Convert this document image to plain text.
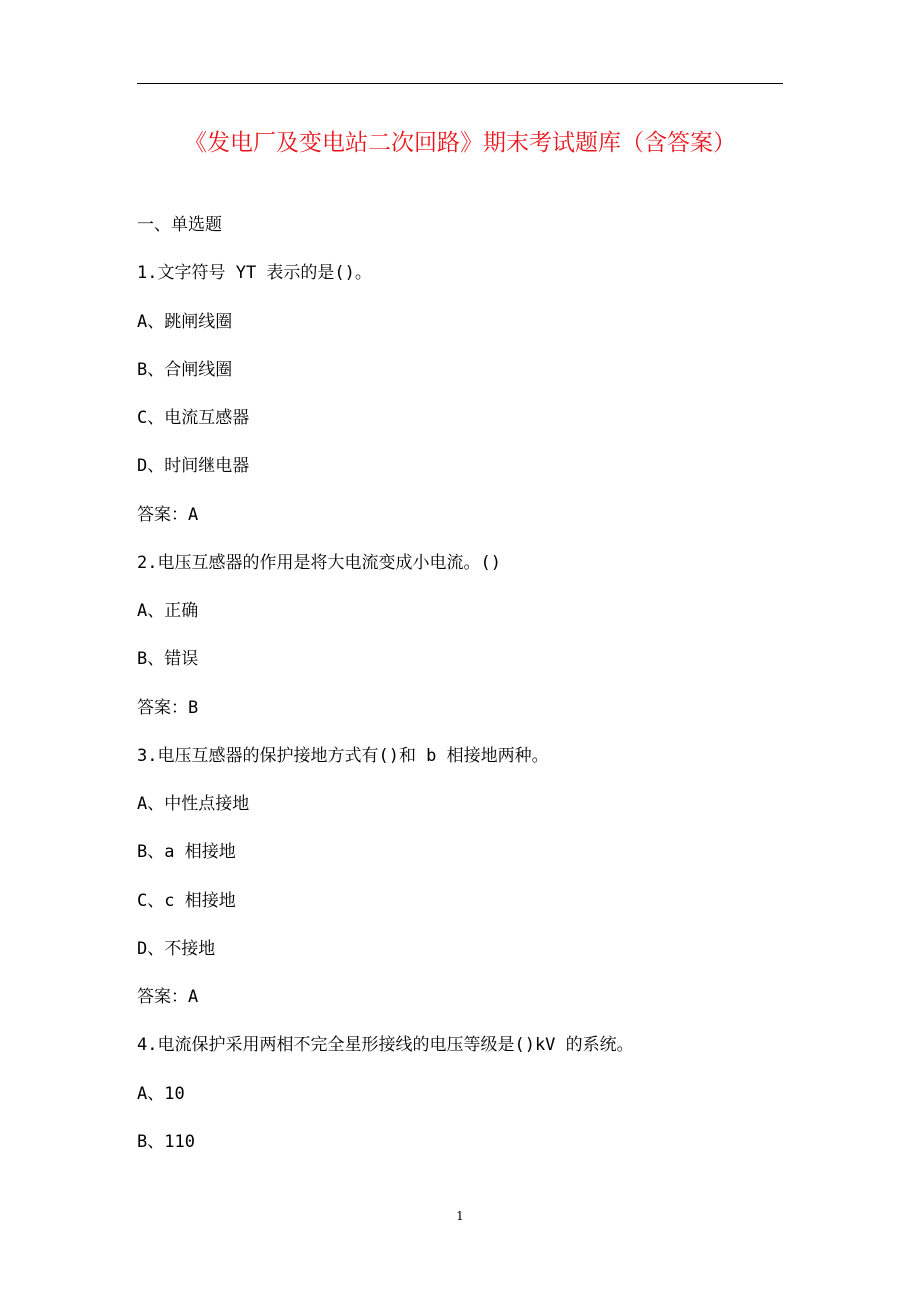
《发电厂及变电站二次回路》期末考试题库（含答案）
一、单选题
1.文字符号 YT 表示的是()。
A、跳闸线圈
B、合闸线圈
C、电流互感器
D、时间继电器
答案：A
2.电压互感器的作用是将大电流变成小电流。()
A、正确
B、错误
答案：B
3.电压互感器的保护接地方式有()和 b 相接地两种。
A、中性点接地
B、a 相接地
C、c 相接地
D、不接地
答案：A
4.电流保护采用两相不完全星形接线的电压等级是()kV 的系统。
A、10
B、110
1
